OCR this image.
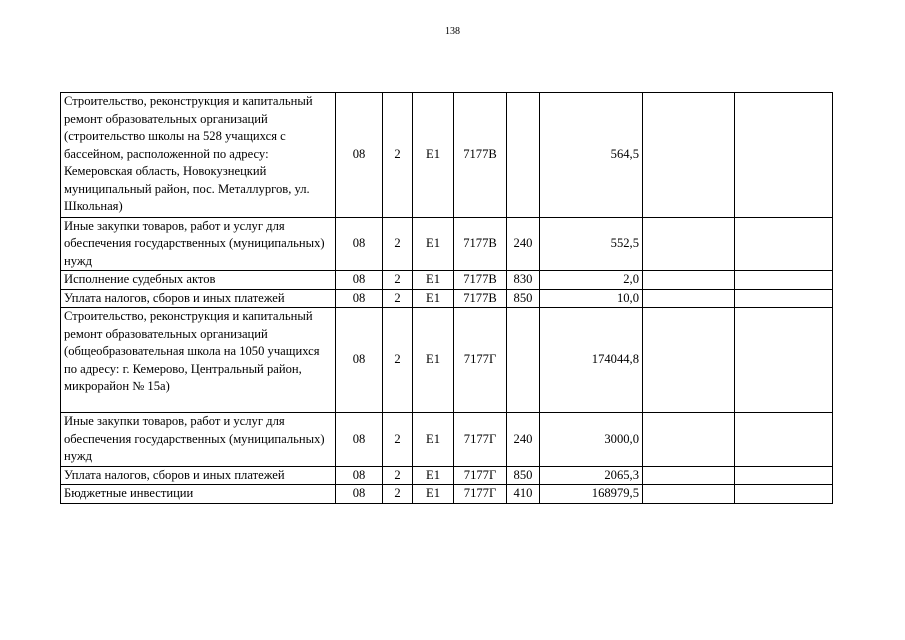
138
Строительство, реконструкция и капитальный ремонт образовательных организаций (строительство школы на 528 учащихся с бассейном, расположенной по адресу: Кемеровская область, Новокузнецкий муниципальный район, пос. Металлургов, ул. Школьная)	08	2	Е1	7177В		564,5		

Иные закупки товаров, работ и услуг для обеспечения государственных (муниципальных) нужд	08	2	Е1	7177В	240	552,5		

Исполнение судебных актов	08	2	Е1	7177В	830	2,0		

Уплата налогов, сборов и иных платежей	08	2	Е1	7177В	850	10,0		

Строительство, реконструкция и капитальный ремонт образовательных организаций (общеобразовательная школа на 1050 учащихся по адресу: г. Кемерово, Центральный район, микрорайон № 15а)	08	2	Е1	7177Г		174044,8		

Иные закупки товаров, работ и услуг для обеспечения государственных (муниципальных) нужд	08	2	Е1	7177Г	240	3000,0		

Уплата налогов, сборов и иных платежей	08	2	Е1	7177Г	850	2065,3		

Бюджетные инвестиции	08	2	Е1	7177Г	410	168979,5		
